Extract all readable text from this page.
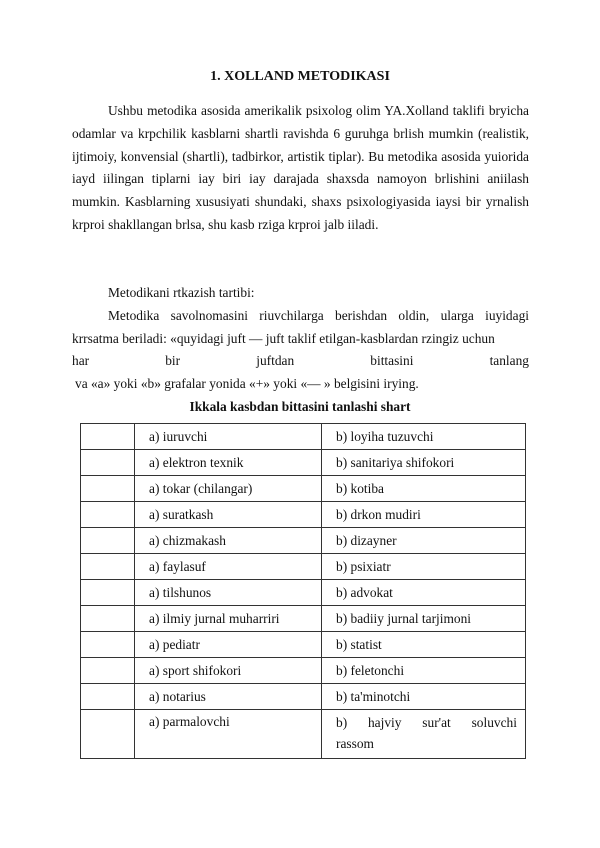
1. XOLLAND METODIKASI

Ushbu metodika asosida amerikalik psixolog olim YA.Xolland taklifi bryicha odamlar va krpchilik kasblarni shartli ravishda 6 guruhga brlish mumkin (realistik, ijtimoiy, konvensial (shartli), tadbirkor, artistik tiplar). Bu metodika asosida yuiorida iayd iilingan tiplarni iay biri iay darajada shaxsda namoyon brlishini aniilash mumkin. Kasblarning xususiyati shundaki, shaxs psixologiyasida iaysi bir yrnalish krproi shakllangan brlsa, shu kasb rziga krproi jalb iiladi.

Metodikani rtkazish tartibi:

Metodika savolnomasini riuvchilarga berishdan oldin, ularga iuyidagi krrsatma beriladi: «quyidagi juft — juft taklif etilgan-kasblardan rzingiz uchun

har	bir	juftdan	bittasini	tanlang

va «a» yoki «b» grafalar yonida «+» yoki «— » belgisini irying.

Ikkala kasbdan bittasini tanlashi shart
	a) iuruvchi	b) loyiha tuzuvchi
	a) elektron texnik	b) sanitariya shifokori
	a) tokar (chilangar)	b) kotiba
	a) suratkash	b) drkon mudiri
	a) chizmakash	b) dizayner
	a) faylasuf	b) psixiatr
	a) tilshunos	b) advokat
	a) ilmiy jurnal muharriri	b) badiiy jurnal tarjimoni
	a) pediatr	b) statist
	a) sport shifokori	b) feletonchi
	a) notarius	b) ta'minotchi
	a) parmalovchi	b) hajviy sur'at soluvchi
rassom
